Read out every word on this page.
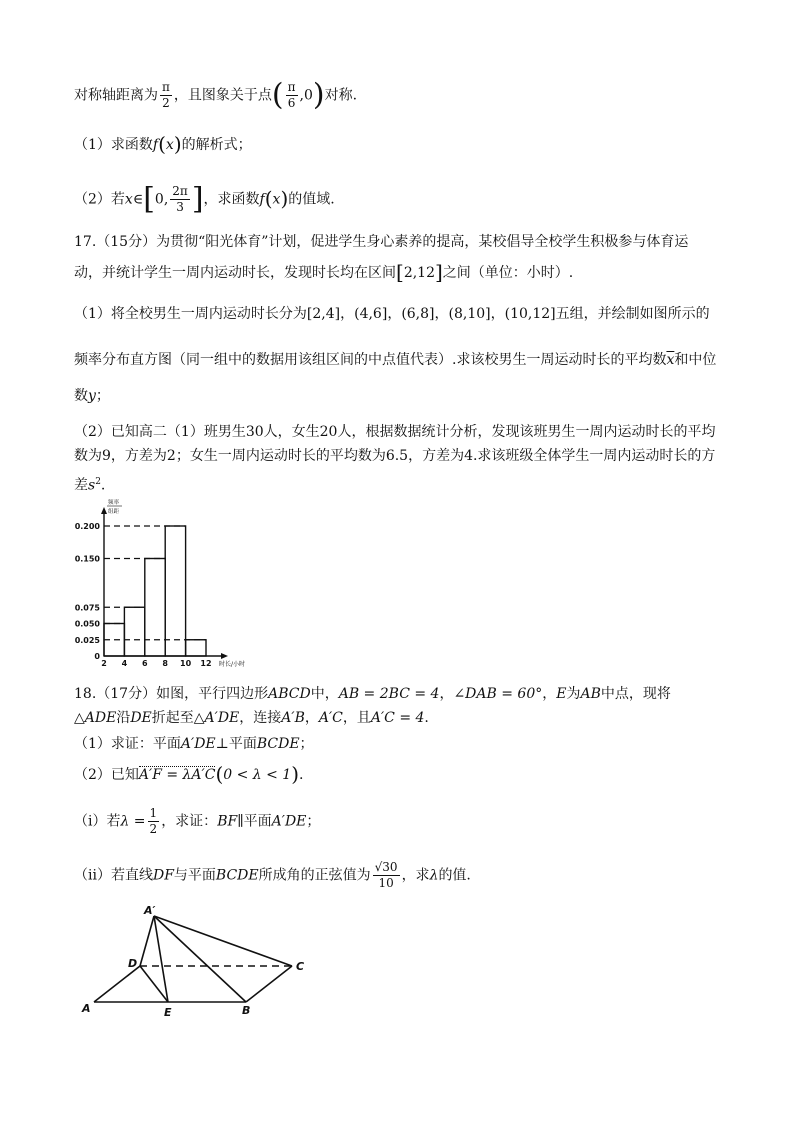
对称轴距离为 $\frac{\pi}{2}$ ，且图象关于点( $\frac{\pi}{6} ,0$)对称.
（1）求函数f(x)的解析式；
（2）若x∈[0, $\frac{2\pi}{3}$ ]，求函数f(x)的值域.
17.（15分）为贯彻“阳光体育”计划，促进学生身心素养的提高，某校倡导全校学生积极参与体育运
动，并统计学生一周内运动时长，发现时长均在区间[2,12]之间（单位：小时）.
（1）将全校男生一周内运动时长分为[2,4]，(4,6]，(6,8]，(8,10]，(10,12]五组，并绘制如图所示的
频率分布直方图（同一组中的数据用该组区间的中点值代表）.求该校男生一周运动时长的平均数$\overline{x}$和中位
数y；
（2）已知高二（1）班男生30人，女生20人，根据数据统计分析，发现该班男生一周内运动时长的平均
数为9，方差为2；女生一周内运动时长的平均数为6.5，方差为4.求该班级全体学生一周内运动时长的方
差$s^2$.
0.025
0.050
0.075
0.150
0.200
0
2 4 6 8 10 12 时长/小时
频率
组距
18.（17分）如图，平行四边形ABCD中，AB = 2BC = 4，∠DAB = 60°，E为AB中点，现将
△ADE沿DE折起至△A′DE，连接A′B，A′C，且A′C = 4.
（1）求证：平面A′DE⊥平面BCDE；
（2）已知A′F = λA′C(0 < λ < 1).
（i）若$\lambda = \frac{1}{2}$ ，求证：BF∥平面A′DE；
（ii）若直线DF与平面BCDE所成角的正弦值为 $\frac{√30}{10}$ ，求λ的值.
A′
D	C
A	E	B
